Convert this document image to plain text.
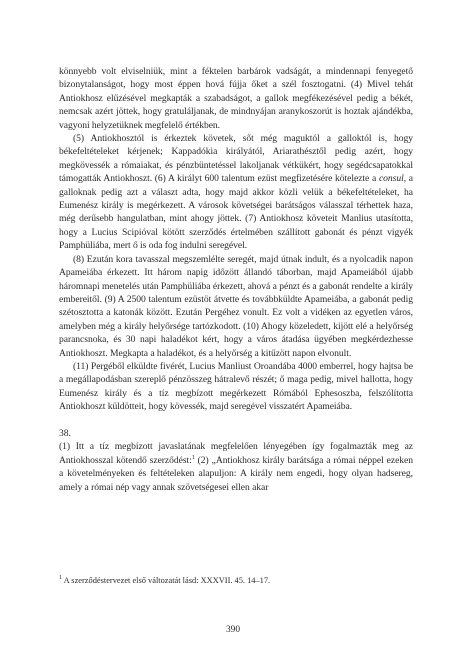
könnyebb volt elviselniük, mint a féktelen barbárok vadságát, a mindennapi fenyegető bizonytalanságot, hogy most éppen hová fújja őket a szél fosztogatni. (4) Mivel tehát Antiokhosz elűzésével megkapták a szabadságot, a gallok megfékezésével pedig a békét, nemcsak azért jöttek, hogy gratuláljanak, de mindnyájan aranykoszorút is hoztak ajándékba, vagyoni helyzetüknek megfelelő értékben.

(5) Antiokhosztól is érkeztek követek, sőt még maguktól a galloktól is, hogy békefeltételeket kérjenek; Kappadókia királyától, Ariarathésztől pedig azért, hogy megkövessék a rómaiakat, és pénzbüntetéssel lakoljanak vétkükért, hogy segédcsapatokkal támogatták Antiokhoszt. (6) A királyt 600 talentum ezüst megfizetésére kötelezte a consul, a galloknak pedig azt a választ adta, hogy majd akkor közli velük a békefeltételeket, ha Eumenész király is megérkezett. A városok követségei barátságos válasszal térhettek haza, még derűsebb hangulatban, mint ahogy jöttek. (7) Antiokhosz követeit Manlius utasította, hogy a Lucius Scipióval kötött szerződés értelmében szállított gabonát és pénzt vigyék Pamphüliába, mert ő is oda fog indulni seregével.

(8) Ezután kora tavasszal megszemlélte seregét, majd útnak indult, és a nyolcadik napon Apameiába érkezett. Itt három napig időzött állandó táborban, majd Apameiából újabb háromnapi menetelés után Pamphüliába érkezett, ahová a pénzt és a gabonát rendelte a király embereitől. (9) A 2500 talentum ezüstöt átvette és továbbküldte Apameiába, a gabonát pedig szétosztotta a katonák között. Ezután Pergéhez vonult. Ez volt a vidéken az egyetlen város, amelyben még a király helyőrsége tartózkodott. (10) Ahogy közeledett, kijött elé a helyőrség parancsnoka, és 30 napi haladékot kért, hogy a város átadása ügyében megkérdezhesse Antiokhoszt. Megkapta a haladékot, és a helyőrség a kitűzött napon elvonult.

(11) Pergéből elküldte fivérét, Lucius Manliust Oroandába 4000 emberrel, hogy hajtsa be a megállapodásban szereplő pénzösszeg hátralevő részét; ő maga pedig, mivel hallotta, hogy Eumenész király és a tíz megbízott megérkezett Rómából Ephesoszba, felszólította Antiokhoszt küldötteit, hogy kövessék, majd seregével visszatért Apameiába.

38.

(1) Itt a tíz megbízott javaslatának megfelelően lényegében így fogalmazták meg az Antiokhosszal kötendő szerződést:$^1$ (2) „Antiokhosz király barátsága a római néppel ezeken a követelményeken és feltételeken alapuljon: A király nem engedi, hogy olyan hadsereg, amely a római nép vagy annak szövetségesei ellen akar

$^1$ A szerződéstervezet első változatát lásd: XXXVII. 45. 14–17.
390
